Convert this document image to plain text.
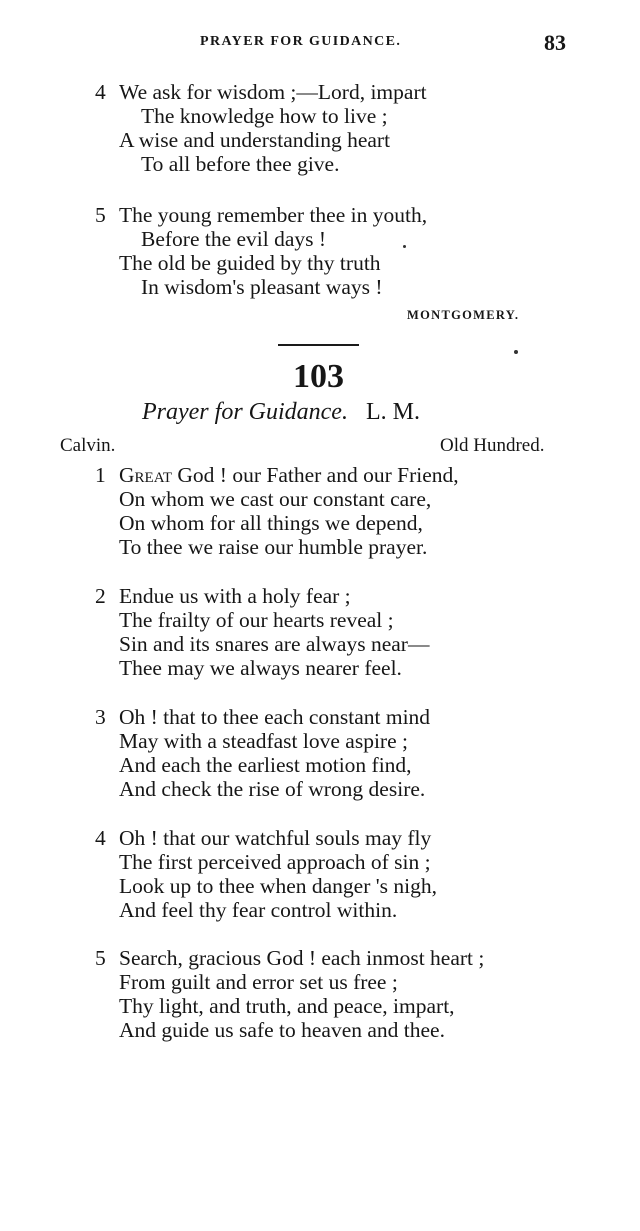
PRAYER FOR GUIDANCE.	83
4 We ask for wisdom ;—Lord, impart
The knowledge how to live ;
A wise and understanding heart
To all before thee give.
5 The young remember thee in youth,
Before the evil days !
The old be guided by thy truth
In wisdom's pleasant ways !
MONTGOMERY.
103
Prayer for Guidance. L. M.
Calvin.	Old Hundred.
1 Great God ! our Father and our Friend,
On whom we cast our constant care,
On whom for all things we depend,
To thee we raise our humble prayer.
2 Endue us with a holy fear ;
The frailty of our hearts reveal ;
Sin and its snares are always near—
Thee may we always nearer feel.
3 Oh ! that to thee each constant mind
May with a steadfast love aspire ;
And each the earliest motion find,
And check the rise of wrong desire.
4 Oh ! that our watchful souls may fly
The first perceived approach of sin ;
Look up to thee when danger 's nigh,
And feel thy fear control within.
5 Search, gracious God ! each inmost heart ;
From guilt and error set us free ;
Thy light, and truth, and peace, impart,
And guide us safe to heaven and thee.
